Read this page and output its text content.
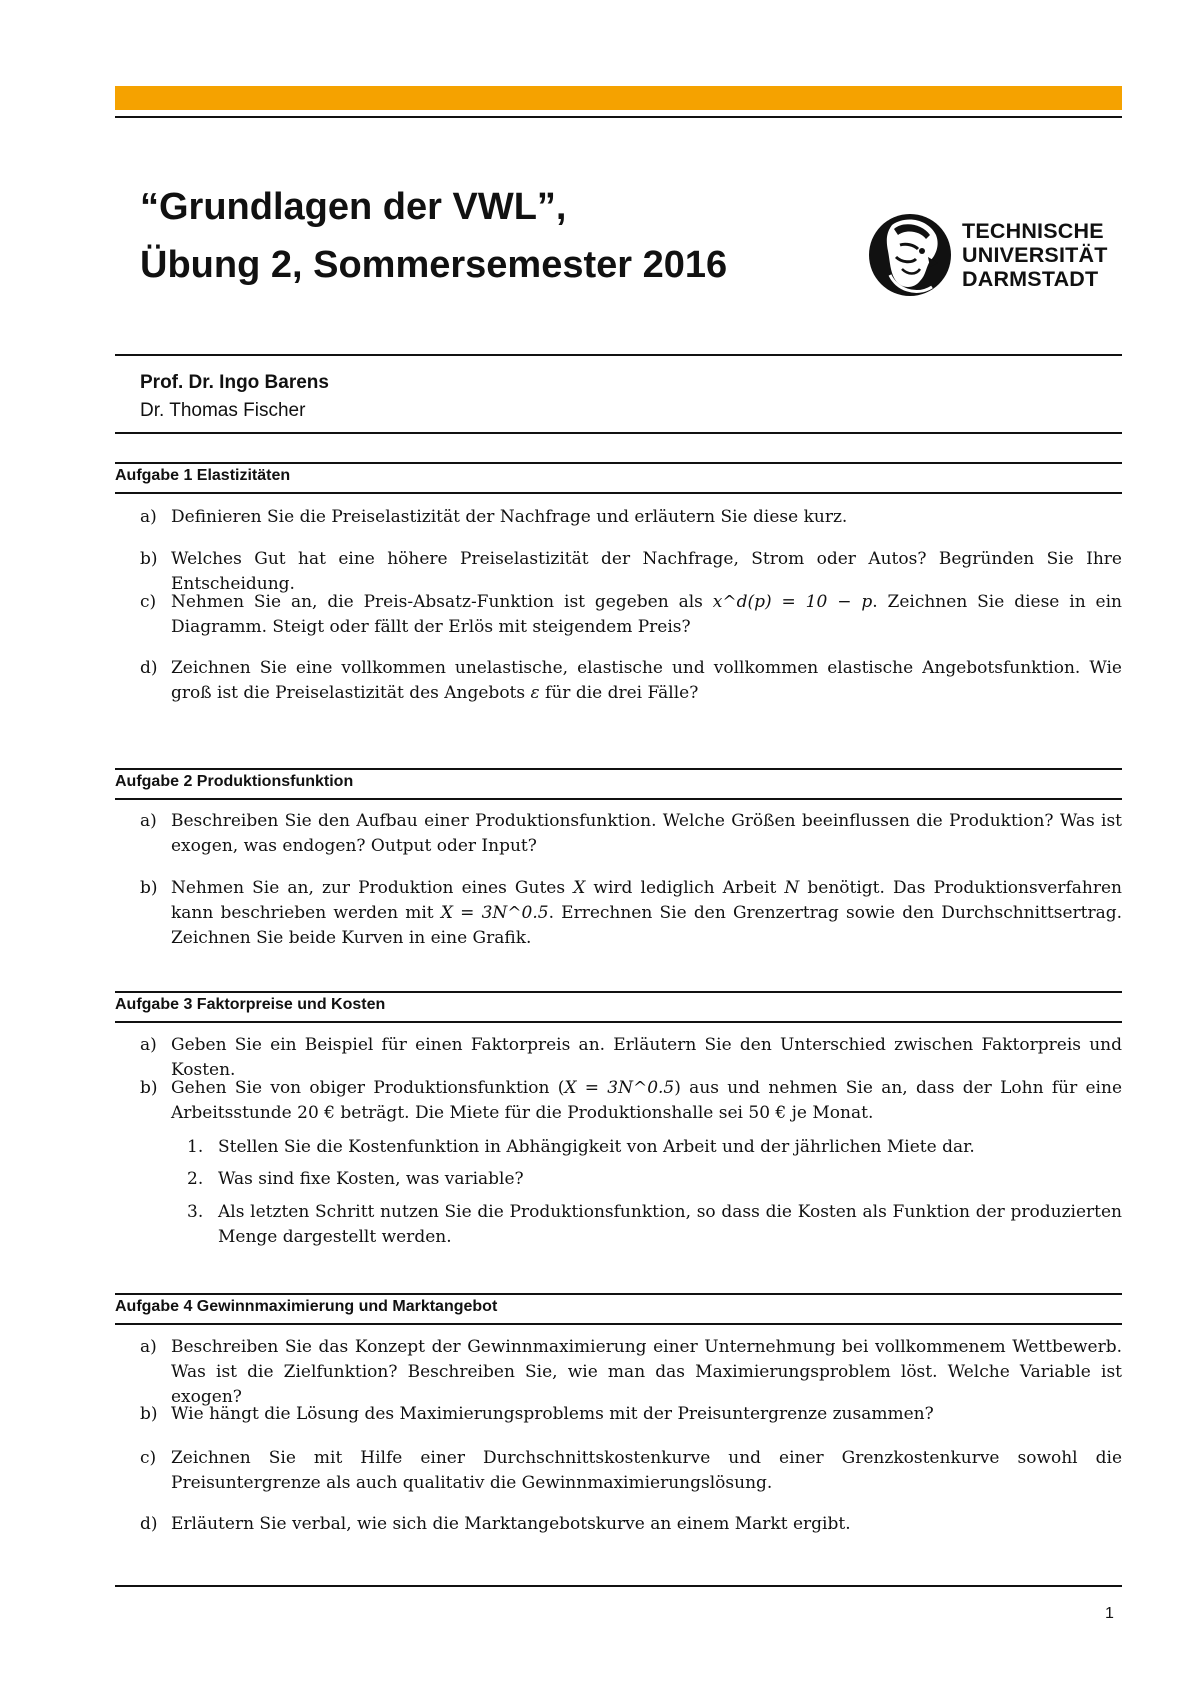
“Grundlagen der VWL”,
Übung 2, Sommersemester 2016
TECHNISCHE
UNIVERSITÄT
DARMSTADT
Prof. Dr. Ingo Barens
Dr. Thomas Fischer
Aufgabe 1 Elastizitäten
a) Definieren Sie die Preiselastizität der Nachfrage und erläutern Sie diese kurz.
b) Welches Gut hat eine höhere Preiselastizität der Nachfrage, Strom oder Autos? Begründen Sie Ihre Entscheidung.
c) Nehmen Sie an, die Preis-Absatz-Funktion ist gegeben als x^d(p) = 10 − p. Zeichnen Sie diese in ein Diagramm. Steigt oder fällt der Erlös mit steigendem Preis?
d) Zeichnen Sie eine vollkommen unelastische, elastische und vollkommen elastische Angebotsfunktion. Wie groß ist die Preiselastizität des Angebots ε für die drei Fälle?
Aufgabe 2 Produktionsfunktion
a) Beschreiben Sie den Aufbau einer Produktionsfunktion. Welche Größen beeinflussen die Produktion? Was ist exogen, was endogen? Output oder Input?
b) Nehmen Sie an, zur Produktion eines Gutes X wird lediglich Arbeit N benötigt. Das Produktionsverfahren kann beschrieben werden mit X = 3N^0.5. Errechnen Sie den Grenzertrag sowie den Durchschnittsertrag. Zeichnen Sie beide Kurven in eine Grafik.
Aufgabe 3 Faktorpreise und Kosten
a) Geben Sie ein Beispiel für einen Faktorpreis an. Erläutern Sie den Unterschied zwischen Faktorpreis und Kosten.
b) Gehen Sie von obiger Produktionsfunktion (X = 3N^0.5) aus und nehmen Sie an, dass der Lohn für eine Arbeitsstunde 20 € beträgt. Die Miete für die Produktionshalle sei 50 € je Monat.
1. Stellen Sie die Kostenfunktion in Abhängigkeit von Arbeit und der jährlichen Miete dar.
2. Was sind fixe Kosten, was variable?
3. Als letzten Schritt nutzen Sie die Produktionsfunktion, so dass die Kosten als Funktion der produzierten Menge dargestellt werden.
Aufgabe 4 Gewinnmaximierung und Marktangebot
a) Beschreiben Sie das Konzept der Gewinnmaximierung einer Unternehmung bei vollkommenem Wettbewerb. Was ist die Zielfunktion? Beschreiben Sie, wie man das Maximierungsproblem löst. Welche Variable ist exogen?
b) Wie hängt die Lösung des Maximierungsproblems mit der Preisuntergrenze zusammen?
c) Zeichnen Sie mit Hilfe einer Durchschnittskostenkurve und einer Grenzkostenkurve sowohl die Preisuntergrenze als auch qualitativ die Gewinnmaximierungslösung.
d) Erläutern Sie verbal, wie sich die Marktangebotskurve an einem Markt ergibt.
1
